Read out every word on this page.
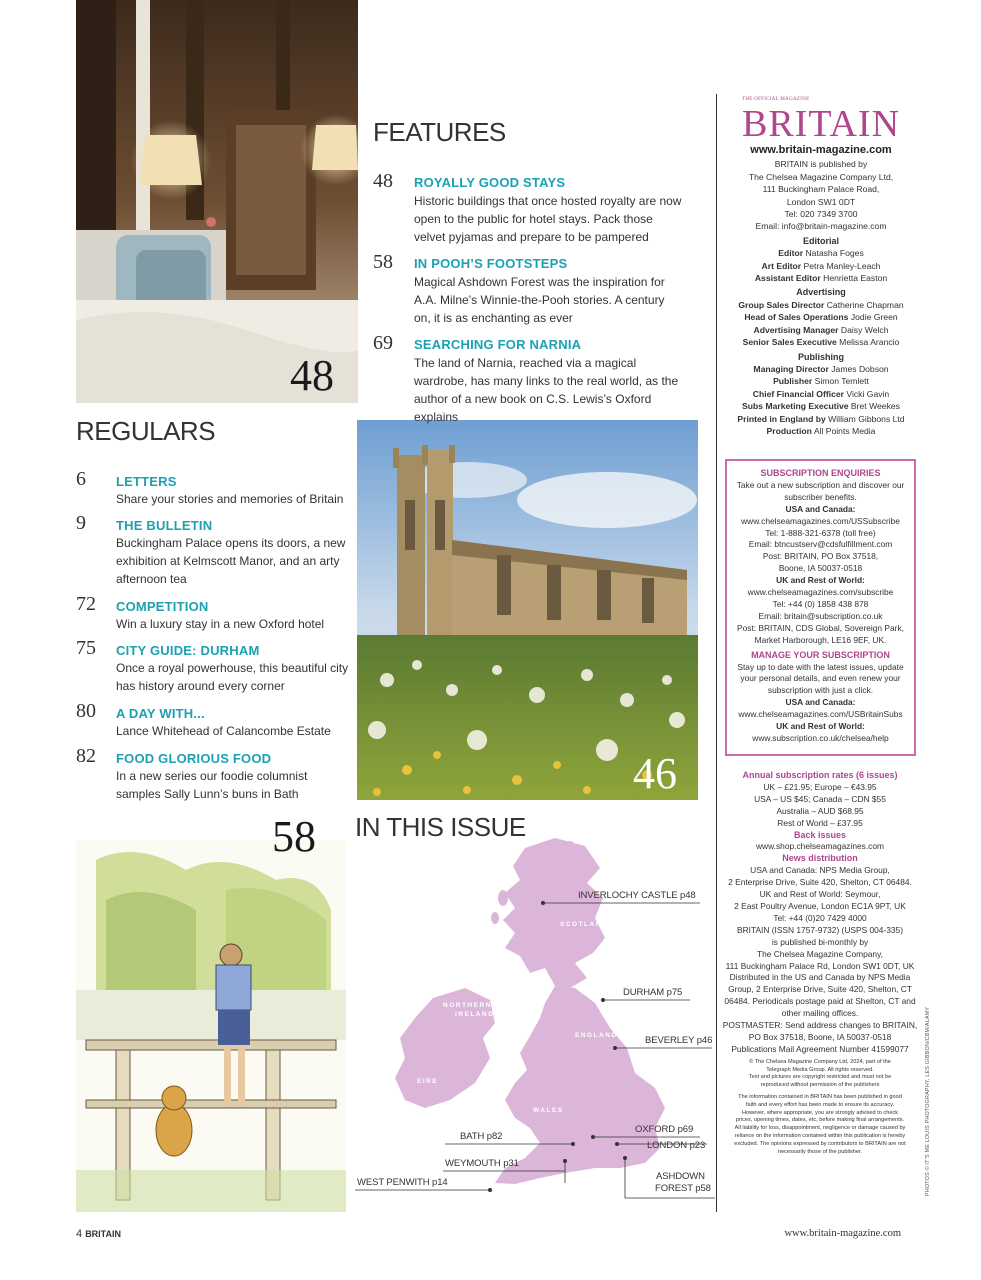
48
46
58
FEATURES
48 ROYALLY GOOD STAYS
Historic buildings that once hosted royalty are now open to the public for hotel stays. Pack those velvet pyjamas and prepare to be pampered
58 IN POOH’S FOOTSTEPS
Magical Ashdown Forest was the inspiration for A.A. Milne’s Winnie-the-Pooh stories. A century on, it is as enchanting as ever
69 SEARCHING FOR NARNIA
The land of Narnia, reached via a magical wardrobe, has many links to the real world, as the author of a new book on C.S. Lewis’s Oxford explains
REGULARS
6 LETTERS
Share your stories and memories of Britain
9 THE BULLETIN
Buckingham Palace opens its doors, a new exhibition at Kelmscott Manor, and an arty afternoon tea
72 COMPETITION
Win a luxury stay in a new Oxford hotel
75 CITY GUIDE: DURHAM
Once a royal powerhouse, this beautiful city has history around every corner
80 A DAY WITH...
Lance Whitehead of Calancombe Estate
82 FOOD GLORIOUS FOOD
In a new series our foodie columnist samples Sally Lunn’s buns in Bath
IN THIS ISSUE
SCOTLAND
NORTHERN
IRELAND
ENGLAND
EIRE
WALES
INVERLOCHY CASTLE p48
DURHAM p75
BEVERLEY p46
OXFORD p69
LONDON p23
BATH p82
WEYMOUTH p31
WEST PENWITH p14
ASHDOWN
FOREST p58
THE OFFICIAL MAGAZINE
BRITAIN
www.britain-magazine.com
BRITAIN is published by
The Chelsea Magazine Company Ltd,
111 Buckingham Palace Road,
London SW1 0DT
Tel: 020 7349 3700
Email: info@britain-magazine.com
Editorial
Editor Natasha Foges
Art Editor Petra Manley-Leach
Assistant Editor Henrietta Easton
Advertising
Group Sales Director Catherine Chapman
Head of Sales Operations Jodie Green
Advertising Manager Daisy Welch
Senior Sales Executive Melissa Arancio
Publishing
Managing Director James Dobson
Publisher Simon Temlett
Chief Financial Officer Vicki Gavin
Subs Marketing Executive Bret Weekes
Printed in England by William Gibbons Ltd
Production All Points Media
SUBSCRIPTION ENQUIRIES
Take out a new subscription and discover our
subscriber benefits.
USA and Canada:
www.chelseamagazines.com/USSubscribe
Tel: 1-888-321-6378 (toll free)
Email: btncustserv@cdsfulfillment.com
Post: BRITAIN, PO Box 37518,
Boone, IA 50037-0518
UK and Rest of World:
www.chelseamagazines.com/subscribe
Tel: +44 (0) 1858 438 878
Email: britain@subscription.co.uk
Post: BRITAIN, CDS Global, Sovereign Park,
Market Harborough, LE16 9EF, UK.
MANAGE YOUR SUBSCRIPTION
Stay up to date with the latest issues, update
your personal details, and even renew your
subscription with just a click.
USA and Canada:
www.chelseamagazines.com/USBritainSubs
UK and Rest of World:
www.subscription.co.uk/chelsea/help
Annual subscription rates (6 issues)
UK – £21.95; Europe – €43.95
USA – US $45; Canada – CDN $55
Australia – AUD $68.95
Rest of World – £37.95
Back issues
www.shop.chelseamagazines.com
News distribution
USA and Canada: NPS Media Group,
2 Enterprise Drive, Suite 420, Shelton, CT 06484.
UK and Rest of World: Seymour,
2 East Poultry Avenue, London EC1A 9PT, UK
Tel: +44 (0)20 7429 4000
BRITAIN (ISSN 1757-9732) (USPS 004-335)
is published bi-monthly by
The Chelsea Magazine Company,
111 Buckingham Palace Rd, London SW1 0DT, UK
Distributed in the US and Canada by NPS Media
Group, 2 Enterprise Drive, Suite 420, Shelton, CT
06484. Periodicals postage paid at Shelton, CT and
other mailing offices.
POSTMASTER: Send address changes to BRITAIN,
PO Box 37518, Boone, IA 50037-0518
Publications Mail Agreement Number 41599077
© The Chelsea Magazine Company Ltd, 2024, part of the
Telegraph Media Group. All rights reserved.
Text and pictures are copyright restricted and must not be
reproduced without permission of the publishers
The information contained in BRITAIN has been published in good
faith and every effort has been made to ensure its accuracy.
However, where appropriate, you are strongly advised to check
prices, opening times, dates, etc, before making final arrangements.
All liability for loss, disappointment, negligence or damage caused by
reliance on the information contained within this publication is hereby
excluded. The opinions expressed by contributors to BRITAIN are not
necessarily those of the publisher.	PHOTOS © IT’S ME LOUIS PHOTOGRAPHY, LES GIBBON/CBM/ALAMY
4 BRITAIN	www.britain-magazine.com
